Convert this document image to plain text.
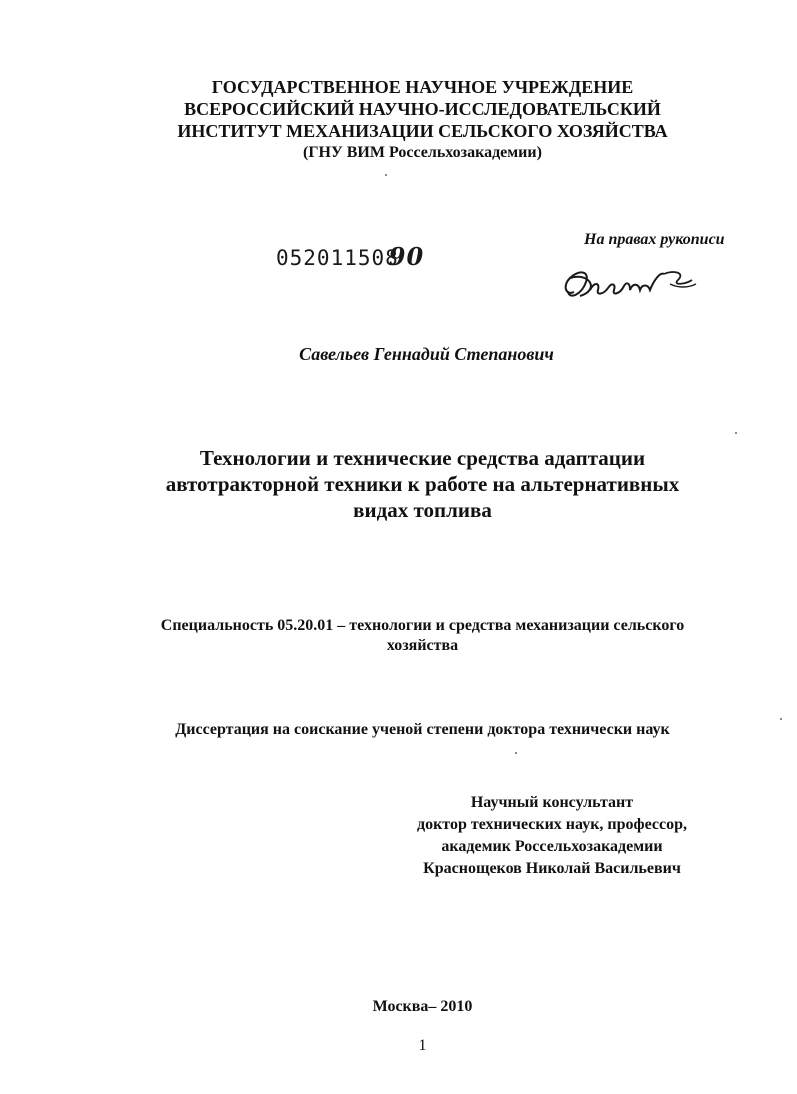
ГОСУДАРСТВЕННОЕ НАУЧНОЕ УЧРЕЖДЕНИЕ
ВСЕРОССИЙСКИЙ НАУЧНО-ИССЛЕДОВАТЕЛЬСКИЙ
ИНСТИТУТ МЕХАНИЗАЦИИ СЕЛЬСКОГО ХОЗЯЙСТВА
(ГНУ ВИМ Россельхозакадемии)
05201150890
На правах рукописи
Савельев Геннадий Степанович
Технологии и технические средства адаптации
автотракторной техники к работе на альтернативных
видах топлива
Специальность 05.20.01 – технологии и средства механизации сельского
хозяйства
Диссертация на соискание ученой степени доктора технически наук
Научный консультант
доктор технических наук, профессор,
академик Россельхозакадемии
Краснощеков Николай Васильевич
Москва– 2010
1
